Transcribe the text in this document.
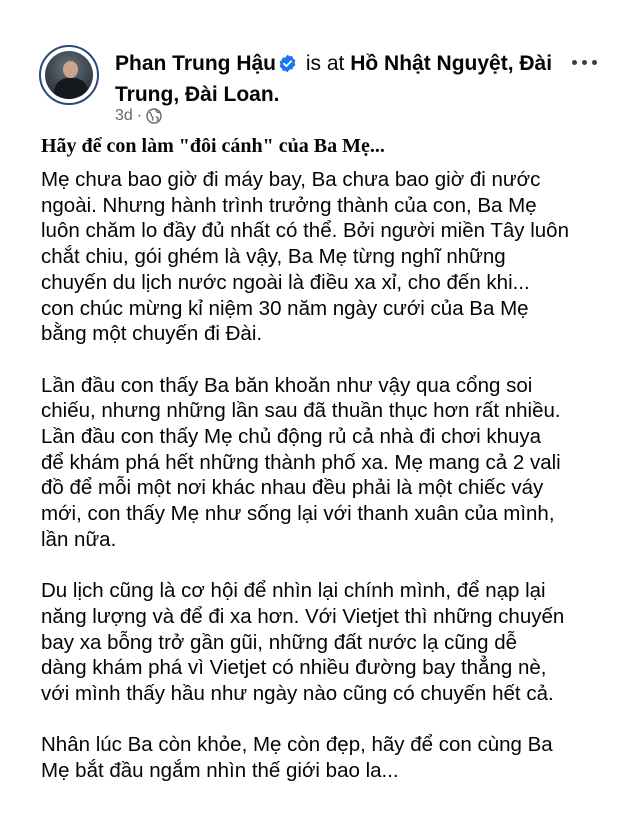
Phan Trung Hậu is at Hồ Nhật Nguyệt, Đài Trung, Đài Loan.
3d ·
Hãy để con làm "đôi cánh" của Ba Mẹ...

Mẹ chưa bao giờ đi máy bay, Ba chưa bao giờ đi nước
ngoài. Nhưng hành trình trưởng thành của con, Ba Mẹ
luôn chăm lo đầy đủ nhất có thể. Bởi người miền Tây luôn
chắt chiu, gói ghém là vậy, Ba Mẹ từng nghĩ những
chuyến du lịch nước ngoài là điều xa xỉ, cho đến khi...
con chúc mừng kỉ niệm 30 năm ngày cưới của Ba Mẹ
bằng một chuyến đi Đài.

Lần đầu con thấy Ba băn khoăn như vậy qua cổng soi
chiếu, nhưng những lần sau đã thuần thục hơn rất nhiều.
Lần đầu con thấy Mẹ chủ động rủ cả nhà đi chơi khuya
để khám phá hết những thành phố xa. Mẹ mang cả 2 vali
đồ để mỗi một nơi khác nhau đều phải là một chiếc váy
mới, con thấy Mẹ như sống lại với thanh xuân của mình,
lần nữa.

Du lịch cũng là cơ hội để nhìn lại chính mình, để nạp lại
năng lượng và để đi xa hơn. Với Vietjet thì những chuyến
bay xa bỗng trở gần gũi, những đất nước lạ cũng dễ
dàng khám phá vì Vietjet có nhiều đường bay thẳng nè,
với mình thấy hầu như ngày nào cũng có chuyến hết cả.

Nhân lúc Ba còn khỏe, Mẹ còn đẹp, hãy để con cùng Ba
Mẹ bắt đầu ngắm nhìn thế giới bao la...
